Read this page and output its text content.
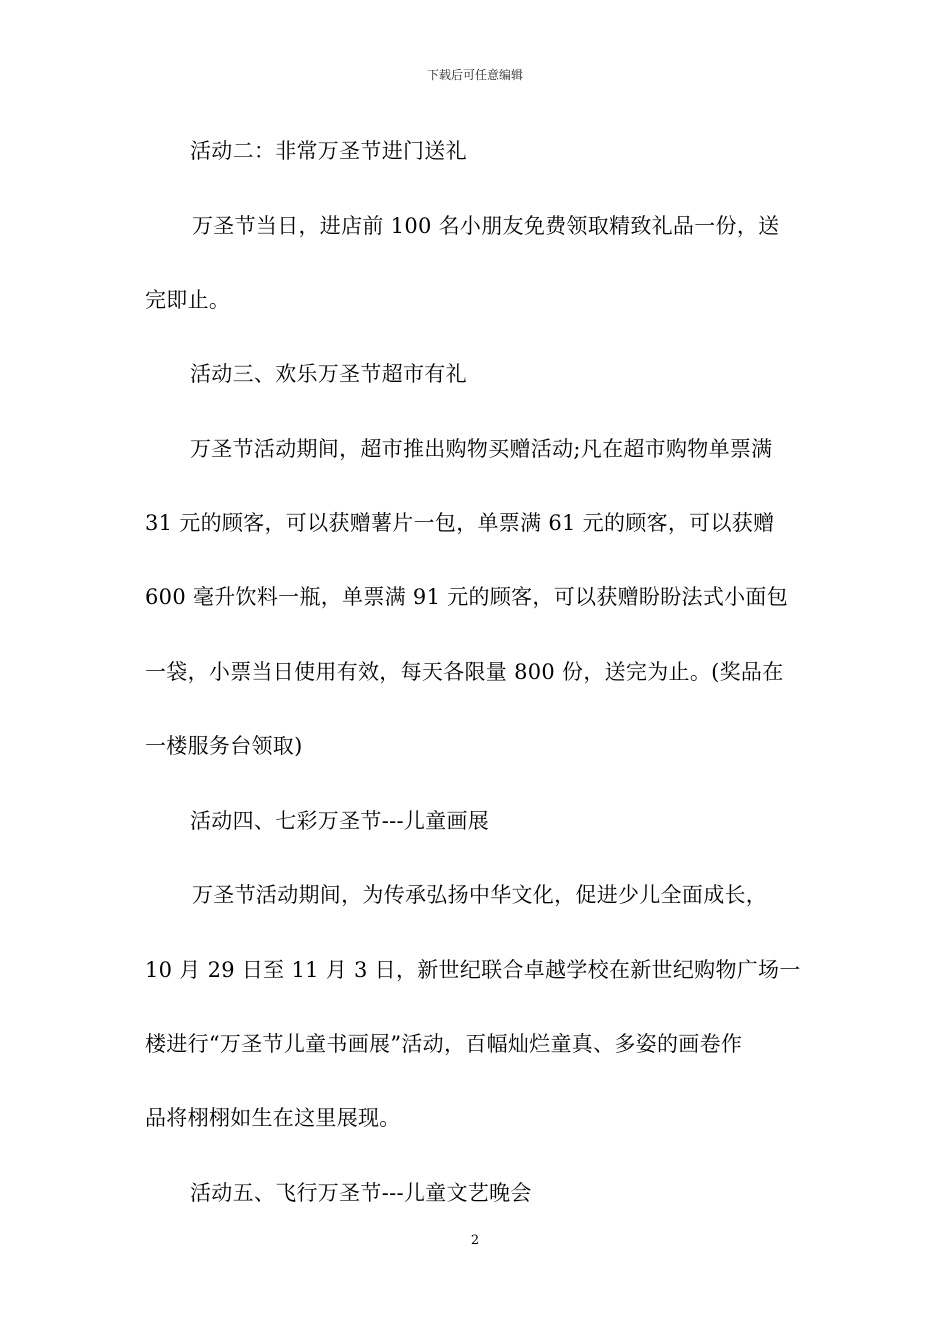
下载后可任意编辑
活动二：非常万圣节进门送礼
万圣节当日，进店前 100 名小朋友免费领取精致礼品一份，送
完即止。
活动三、欢乐万圣节超市有礼
万圣节活动期间，超市推出购物买赠活动;凡在超市购物单票满
31 元的顾客，可以获赠薯片一包，单票满 61 元的顾客，可以获赠
600 毫升饮料一瓶，单票满 91 元的顾客，可以获赠盼盼法式小面包
一袋，小票当日使用有效，每天各限量 800 份，送完为止。(奖品在
一楼服务台领取)
活动四、七彩万圣节---儿童画展
万圣节活动期间，为传承弘扬中华文化，促进少儿全面成长，
10 月 29 日至 11 月 3 日，新世纪联合卓越学校在新世纪购物广场一
楼进行“万圣节儿童书画展”活动，百幅灿烂童真、多姿的画卷作
品将栩栩如生在这里展现。
活动五、飞行万圣节---儿童文艺晚会
2
